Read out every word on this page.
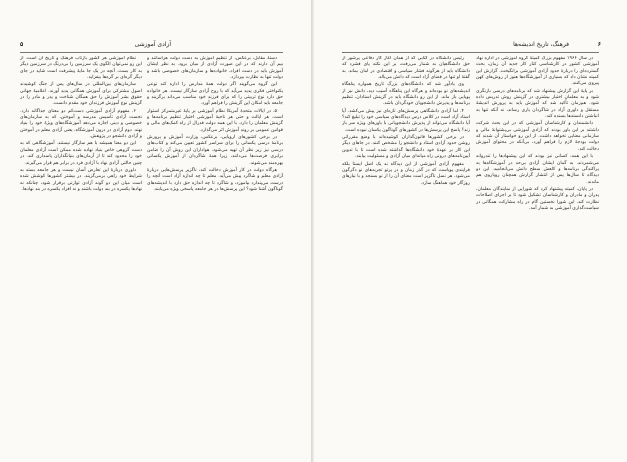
آزادی آموزشی
۵

دستهٔ مقابل، برعکس، از تنظیم آموزش به دست دولت هراسانند و بیم آن دارند که در این صورت آزادی از میان برود. به نظر ایشان آموزش باید در دست افراد، خانواده‌ها و سازمان‌های خصوصی باشد و دولت تنها به نظارت بپردازد.

این گروه می‌گویند اگر دولت همهٔ مدارس را اداره کند نوعی یکنواختی فکری پدید می‌آید که با روح آزادی سازگار نیست. هر خانواده حق دارد نوع تربیتی را که برای فرزند خود مناسب می‌داند برگزیند و جامعه باید امکان این گزینش را فراهم آورد.

۵. در ایالات متحدهٔ آمریکا نظام آموزشی بر پایهٔ غیرمتمرکز استوار است. هر ایالت و حتی هر ناحیهٔ آموزشی اختیار تنظیم برنامه‌ها و گزینش معلمان را دارد. با این همه دولت فدرال از راه کمک‌های مالی و قوانین عمومی بر روند آموزش اثر می‌گذارد.

در برخی کشورهای اروپایی، برعکس، وزارت آموزش و پرورش برنامهٔ درسی یکسانی را برای سراسر کشور تعیین می‌کند و کتاب‌های درسی نیز زیر نظر آن تهیه می‌شود. هواداران این روش آن را ضامن برابری فرصت‌ها می‌دانند، زیرا همهٔ شاگردان از آموزش یکسانی بهره‌مند می‌شوند.

هرگاه دولت در کار آموزش دخالت کند، ناگزیر پرسش‌هایی دربارهٔ آزادی معلم و شاگرد پیش می‌آید. معلم تا چه اندازه آزاد است آنچه را درست می‌پندارد بیاموزد، و شاگرد تا چه اندازه حق دارد با اندیشه‌های گوناگون آشنا شود؟ این پرسش‌ها در هر جامعه پاسخی ویژه می‌یابند.

نظام آموزشی هر کشور بازتاب فرهنگ و تاریخ آن است. از این رو نمی‌توان الگوی یک سرزمین را بی‌درنگ در سرزمین دیگر به کار بست. آنچه در یک جا مایهٔ پیشرفت است شاید در جای دیگر گره‌ای بر گره‌ها بیفزاید.

سازمان‌های بین‌المللی در سال‌های پس از جنگ کوشیدند اصول مشترکی برای آموزش همگانی پدید آورند. اعلامیهٔ جهانی حقوق بشر آموزش را حق همگان شناخت و پدر و مادر را در گزینش نوع آموزش فرزندان خود مقدم دانست.

۶. مفهوم آزادی آموزشی دست‌کم دو معنای جداگانه دارد. نخست آزادی تأسیس مدرسه و آموختن، که به سازمان‌های خصوصی و دینی اجازه می‌دهد آموزشگاه‌های ویژهٔ خود را بنیاد نهند. دوم آزادی در درون آموزشگاه، یعنی آزادی معلم در آموختن و آزادی دانشجو در پژوهش.

این دو معنا همیشه با هم سازگار نیستند. آموزشگاهی که به دست گروهی خاص بنیاد نهاده شده ممکن است آزادی معلمان خود را محدود کند تا از آرمان‌های بنیانگذاران پاسداری کند. در چنین حالتی آزادی نهاد با آزادی فرد در برابر هم قرار می‌گیرند.

داوری دربارهٔ این تعارض آسان نیست و هر جامعه بسته به شرایط خود راهی برمی‌گزیند. در بیشتر کشورها کوشش شده است میان این دو گونه آزادی توازنی برقرار شود، چنانکه نه نهادها یکسره در بند دولت باشند و نه افراد یکسره در بند نهادها.

فرهنگ، تاریخ اندیشه‌ها	۶

در سال ۱۹۶۶ مفهوم بزرگ کمیتهٔ گروه آموزشی در اداره نهاد آموزشی کشور در کارشناسی کنار کار جدید آن زمان، بحث گسترده‌ای را دربارهٔ حدود آزادی آموزشی برانگیخت. گزارش این کمیته نشان داد که بسیاری از آموزشگاه‌ها هنوز از روش‌های کهن پیروی می‌کنند.

بر پایهٔ این گزارش پیشنهاد شد که برنامه‌های درسی بازنگری شود و به معلمان اختیار بیشتری در گزینش روش تدریس داده شود. هم‌زمان تأکید شد که آموزش باید به پرورش اندیشهٔ مستقل و داوری آزاد در شاگردان یاری رساند، نه آنکه تنها به انباشتن دانسته‌ها بسنده کند.

دانشمندان و کارشناسان آموزشی که در این بحث شرکت داشتند بر این باور بودند که آزادی آموزشی بی‌پشتوانهٔ مالی و سازمانی معنایی نخواهد داشت. از این رو خواستار آن شدند که دولت بودجهٔ لازم را فراهم آورد، بی‌آنکه در محتوای آموزش دخالت کند.

با این همه، کسانی نیز بودند که این پیشنهادها را تندروانه می‌شمردند. به گمان ایشان آزادی بی‌حد در آموزشگاه‌ها به پراکندگی برنامه‌ها و کاهش سطح دانش می‌انجامید. این دو دیدگاه تا سال‌ها پس از انتشار گزارش همچنان رویاروی هم ماندند.

در پایان، کمیته پیشنهاد کرد که شورایی از نمایندگان معلمان، پدران و مادران و کارشناسان تشکیل شود تا بر اجرای اصلاحات نظارت کند. این شورا نخستین گام در راه مشارکت همگانی در سیاست‌گذاری آموزشی به شمار آمد.

رئیس دانشگاه در کتابی که از همان آغاز کار دفاعی پرشور از حق دانشگاهیان به شمار می‌رفت، بر این نکته پای فشرد که دانشگاه باید از هرگونه فشار سیاسی و اقتصادی در امان بماند. به گفتهٔ او تنها در فضای آزاد است که دانش می‌بالد.

وی یادآور شد که دانشگاه‌های بزرگ تاریخ همواره پناهگاه اندیشه‌های نو بوده‌اند و هرگاه این پناهگاه آسیب دید، دانش نیز از پویایی باز ماند. از این رو دانشگاه باید در گزینش استادان، تنظیم برنامه‌ها و پذیرش دانشجویان خودگردان باشد.

۴. اما آزادی دانشگاهی پرسش‌های تازه‌ای نیز پیش می‌کشد. آیا استاد آزاد است در کلاس درس دیدگاه‌های سیاسی خود را تبلیغ کند؟ آیا دانشگاه می‌تواند از پذیرش دانشجویانی با باورهای ویژه سر باز زند؟ پاسخ این پرسش‌ها در کشورهای گوناگون یکسان نبوده است.

در برخی کشورها قانون‌گذاران کوشیده‌اند با وضع مقرراتی روشن حدود آزادی استاد و دانشجو را مشخص کنند. در جاهای دیگر این کار بر عهدهٔ خود دانشگاه‌ها گذاشته شده است تا با تدوین آیین‌نامه‌های درونی راه میانه‌ای میان آزادی و مسئولیت بیابند.

مفهوم آزادی آموزشی از این دیدگاه نه یک اصل ایستا بلکه فرایندی پویاست که در گذر زمان و در پرتو تجربه‌های نو دگرگون می‌شود. هر نسل ناگزیر است معنای آن را از نو بسنجد و با نیازهای روزگار خود هماهنگ سازد.
